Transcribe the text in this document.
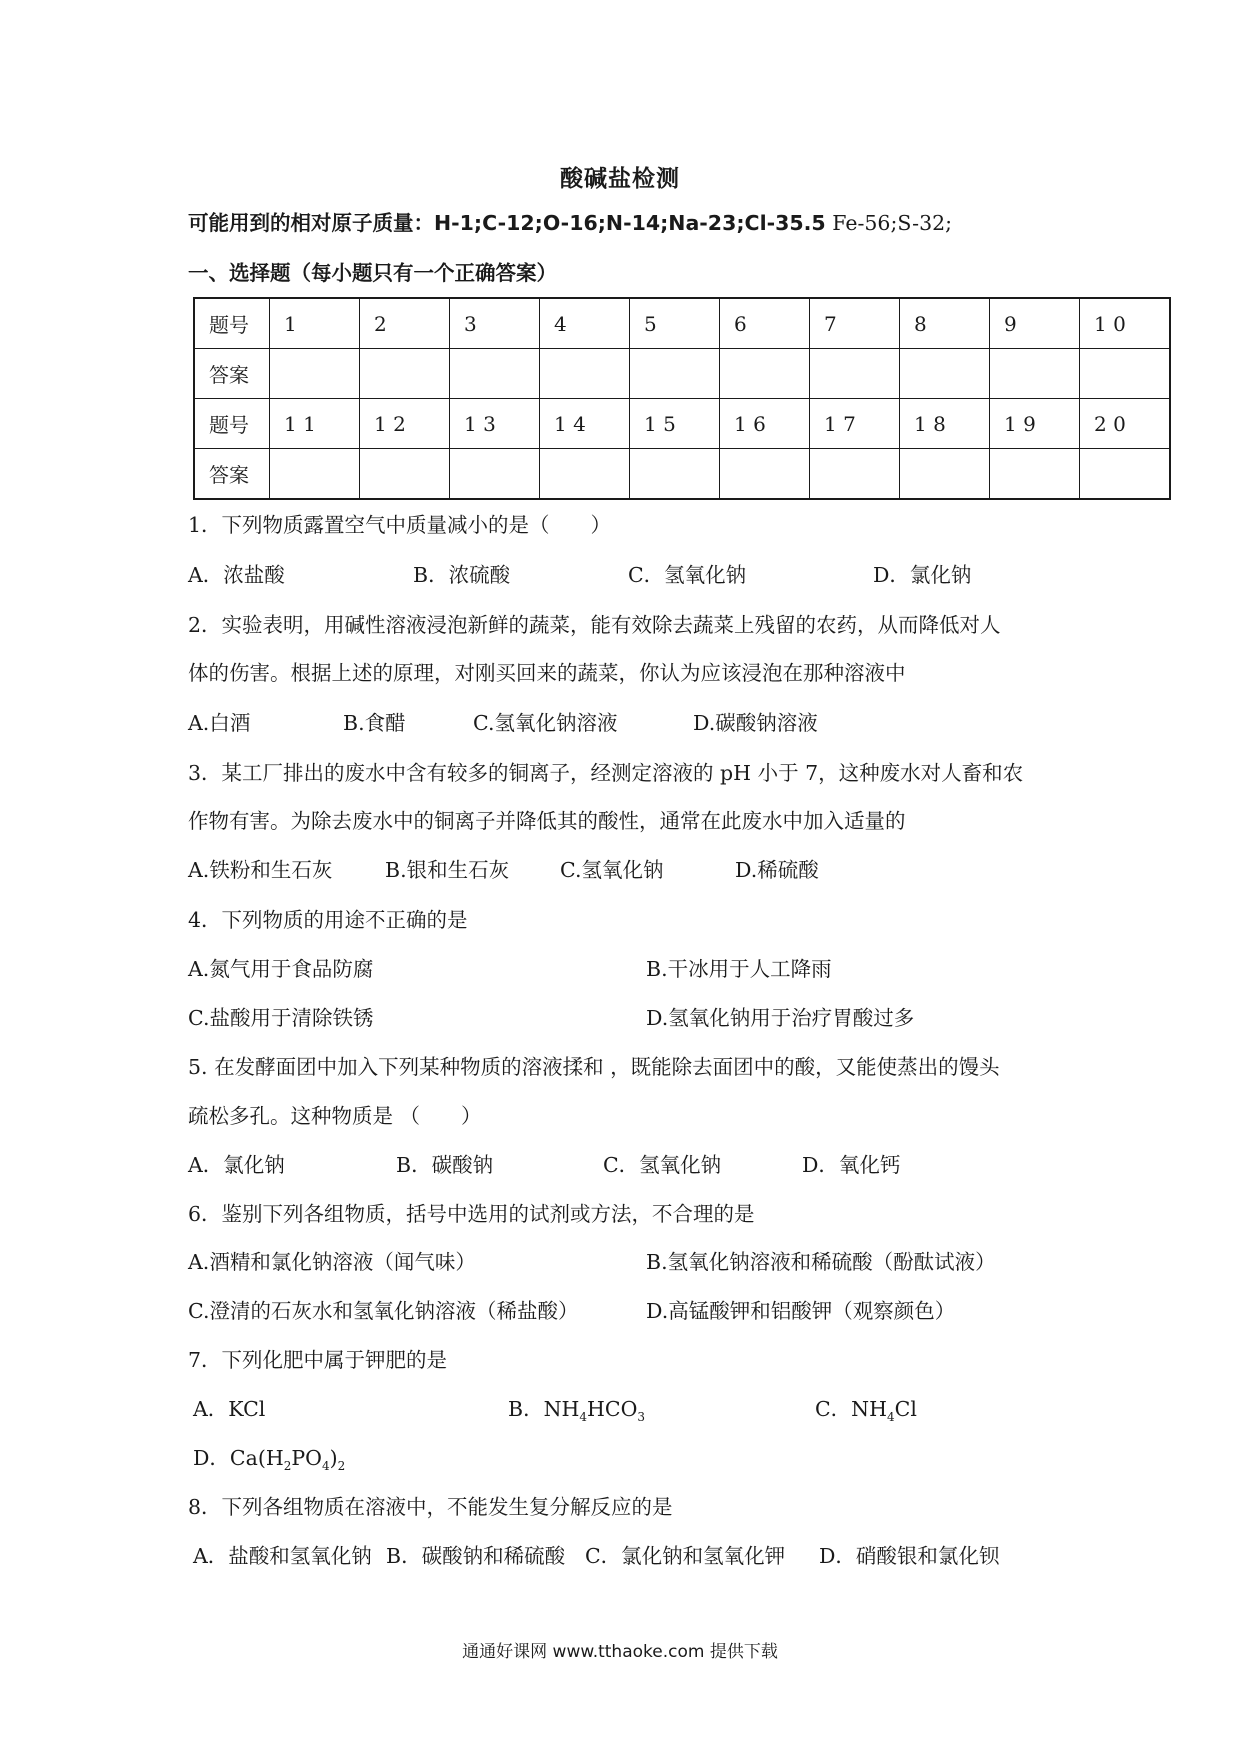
酸碱盐检测
可能用到的相对原子质量：H-1;C-12;O-16;N-14;Na-23;Cl-35.5 Fe-56;S-32;
一、选择题（每小题只有一个正确答案）
题号	1	2	3	4	5	6	7	8	9	1 0
答案										
题号	1 1	1 2	1 3	1 4	1 5	1 6	1 7	1 8	1 9	2 0
答案										
1．下列物质露置空气中质量减小的是（　　）
A．浓盐酸	B．浓硫酸	C．氢氧化钠	D．氯化钠
2．实验表明，用碱性溶液浸泡新鲜的蔬菜，能有效除去蔬菜上残留的农药，从而降低对人
体的伤害。根据上述的原理，对刚买回来的蔬菜，你认为应该浸泡在那种溶液中
A.白酒	B.食醋	C.氢氧化钠溶液	D.碳酸钠溶液
3．某工厂排出的废水中含有较多的铜离子，经测定溶液的 pH 小于 7，这种废水对人畜和农
作物有害。为除去废水中的铜离子并降低其的酸性，通常在此废水中加入适量的
A.铁粉和生石灰	B.银和生石灰 C.氢氧化钠	D.稀硫酸
4．下列物质的用途不正确的是
A.氮气用于食品防腐	B.干冰用于人工降雨
C.盐酸用于清除铁锈	D.氢氧化钠用于治疗胃酸过多
5. 在发酵面团中加入下列某种物质的溶液揉和 ，既能除去面团中的酸，又能使蒸出的馒头
疏松多孔。这种物质是 （　　）
A．氯化钠	B．碳酸钠	C．氢氧化钠	D．氧化钙
6．鉴别下列各组物质，括号中选用的试剂或方法，不合理的是
A.酒精和氯化钠溶液（闻气味）	B.氢氧化钠溶液和稀硫酸（酚酞试液）
C.澄清的石灰水和氢氧化钠溶液（稀盐酸）	D.高锰酸钾和铝酸钾（观察颜色）
7．下列化肥中属于钾肥的是
A．KCl	B．$NH_4HCO_3$	C．$NH_4Cl$
D．$Ca(H_2PO_4)_2$
8．下列各组物质在溶液中，不能发生复分解反应的是
A．盐酸和氢氧化钠 B．碳酸钠和稀硫酸 C．氯化钠和氢氧化钾 D．硝酸银和氯化钡
通通好课网 www.tthaoke.com 提供下载
